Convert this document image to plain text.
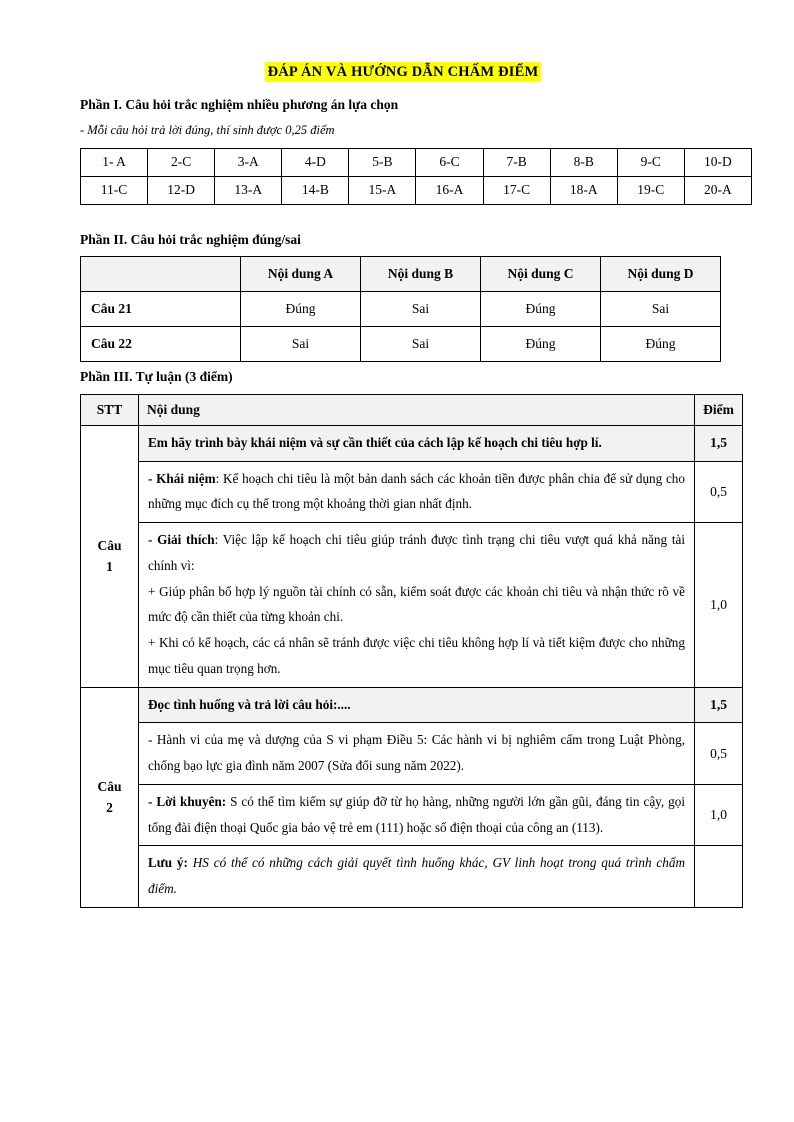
ĐÁP ÁN VÀ HƯỚNG DẪN CHẤM ĐIỂM
Phần I. Câu hỏi trắc nghiệm nhiều phương án lựa chọn
- Mỗi câu hỏi trả lời đúng, thí sinh được 0,25 điểm
1- A	2-C	3-A	4-D	5-B	6-C	7-B	8-B	9-C	10-D
11-C	12-D	13-A	14-B	15-A	16-A	17-C	18-A	19-C	20-A
Phần II. Câu hỏi trắc nghiệm đúng/sai
	Nội dung A	Nội dung B	Nội dung C	Nội dung D
Câu 21	Đúng	Sai	Đúng	Sai
Câu 22	Sai	Sai	Đúng	Đúng
Phần III. Tự luận (3 điểm)
STT	Nội dung	Điểm
Câu
1	Em hãy trình bày khái niệm và sự cần thiết của cách lập kế hoạch chi tiêu hợp lí.	1,5

	- Khái niệm: Kế hoạch chi tiêu là một bản danh sách các khoản tiền được phân chia để sử dụng cho những mục đích cụ thể trong một khoảng thời gian nhất định.	0,5

	- Giải thích: Việc lập kế hoạch chi tiêu giúp tránh được tình trạng chi tiêu vượt quá khả năng tài chính vì:

+ Giúp phân bổ hợp lý nguồn tài chính có sẵn, kiểm soát được các khoản chi tiêu và nhận thức rõ về mức độ cần thiết của từng khoản chi.

+ Khi có kế hoạch, các cá nhân sẽ tránh được việc chi tiêu không hợp lí và tiết kiệm được cho những mục tiêu quan trọng hơn.	1,0
Câu
2	Đọc tình huống và trả lời câu hỏi:....	1,5
	- Hành vi của mẹ và dượng của S vi phạm Điều 5: Các hành vi bị nghiêm cấm trong Luật Phòng, chống bạo lực gia đình năm 2007 (Sửa đổi sung năm 2022).	0,5

	- Lời khuyên: S có thể tìm kiếm sự giúp đỡ từ họ hàng, những người lớn gần gũi, đáng tin cậy, gọi tổng đài điện thoại Quốc gia bảo vệ trẻ em (111) hoặc số điện thoại của công an (113).	1,0

	Lưu ý: HS có thể có những cách giải quyết tình huống khác, GV linh hoạt trong quá trình chấm điểm.	
